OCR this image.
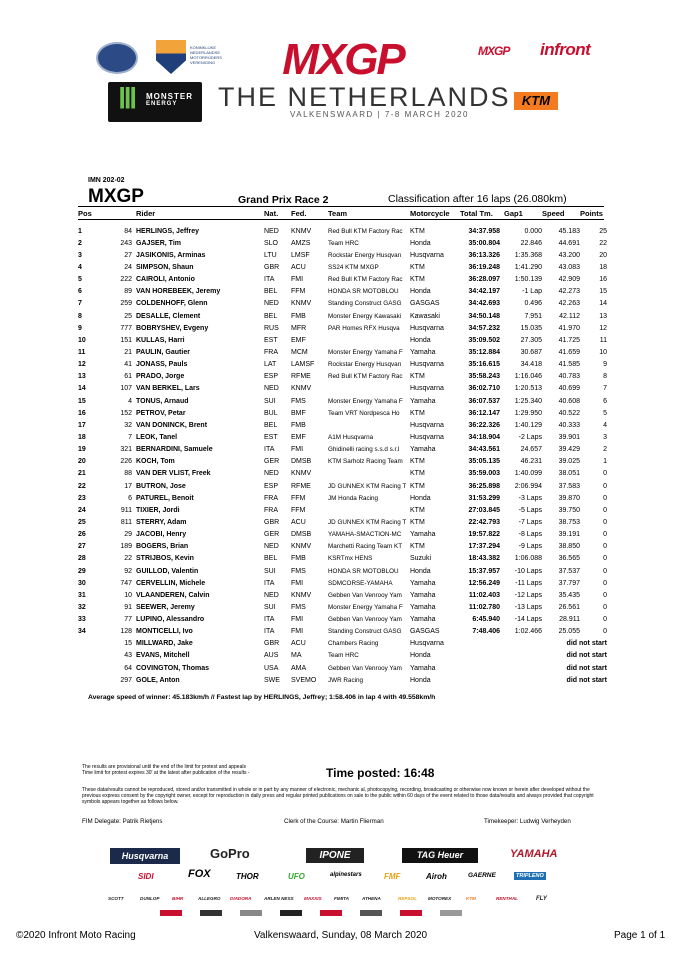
KONINKLIJKE
NEDERLANDSE
MOTORRIJDERS
VERENIGING	MXGP	MXGP infront
Ⅲ MONSTER
ENERGY	THE NETHERLANDS
VALKENSWAARD | 7-8 MARCH 2020
KTM
IMN 202-02
MXGP	Grand Prix Race 2	Classification after 16 laps (26.080km)
Pos		Rider	Nat.	Fed.	Team	Motorcycle	Total Tm.	Gap1	Speed	Points

1	84	HERLINGS, Jeffrey	NED	KNMV	Red Bull KTM Factory Rac	KTM	34:37.958	0.000	45.183	25
2	243	GAJSER, Tim	SLO	AMZS	Team HRC	Honda	35:00.804	22.846	44.691	22
3	27	JASIKONIS, Arminas	LTU	LMSF	Rockstar Energy Husqvarı	Husqvarna	36:13.326	1:35.368	43.200	20
4	24	SIMPSON, Shaun	GBR	ACU	SS24 KTM MXGP	KTM	36:19.248	1:41.290	43.083	18
5	222	CAIROLI, Antonio	ITA	FMI	Red Bull KTM Factory Rac	KTM	36:28.097	1:50.139	42.909	16
6	89	VAN HOREBEEK, Jeremy	BEL	FFM	HONDA SR MOTOBLOU	Honda	34:42.197	-1 Lap	42.273	15
7	259	COLDENHOFF, Glenn	NED	KNMV	Standing Construct GASG	GASGAS	34:42.693	0.496	42.263	14
8	25	DESALLE, Clement	BEL	FMB	Monster Energy Kawasaki	Kawasaki	34:50.148	7.951	42.112	13
9	777	BOBRYSHEV, Evgeny	RUS	MFR	PAR Homes RFX Husqva	Husqvarna	34:57.232	15.035	41.970	12
10	151	KULLAS, Harri	EST	EMF		Honda	35:09.502	27.305	41.725	11
11	21	PAULIN, Gautier	FRA	MCM	Monster Energy Yamaha F	Yamaha	35:12.884	30.687	41.659	10
12	41	JONASS, Pauls	LAT	LAMSF	Rockstar Energy Husqvarı	Husqvarna	35:16.615	34.418	41.585	9
13	61	PRADO, Jorge	ESP	RFME	Red Bull KTM Factory Rac	KTM	35:58.243	1:16.046	40.783	8
14	107	VAN BERKEL, Lars	NED	KNMV		Husqvarna	36:02.710	1:20.513	40.699	7
15	4	TONUS, Arnaud	SUI	FMS	Monster Energy Yamaha F	Yamaha	36:07.537	1:25.340	40.608	6
16	152	PETROV, Petar	BUL	BMF	Team VRT Nordpesca Ho	KTM	36:12.147	1:29.950	40.522	5
17	32	VAN DONINCK, Brent	BEL	FMB		Husqvarna	36:22.326	1:40.129	40.333	4
18	7	LEOK, Tanel	EST	EMF	A1M Husqvarna	Husqvarna	34:18.904	-2 Laps	39.901	3
19	321	BERNARDINI, Samuele	ITA	FMI	Ghidinelli racing s.s.d s.r.l	Yamaha	34:43.561	24.657	39.429	2
20	226	KOCH, Tom	GER	DMSB	KTM Sarholz Racing Team	KTM	35:05.135	46.231	39.025	1
21	88	VAN DER VLIST, Freek	NED	KNMV		KTM	35:59.003	1:40.099	38.051	0
22	17	BUTRON, Jose	ESP	RFME	JD GUNNEX KTM Racing T	KTM	36:25.898	2:06.994	37.583	0
23	6	PATUREL, Benoit	FRA	FFM	JM Honda Racing	Honda	31:53.299	-3 Laps	39.870	0
24	911	TIXIER, Jordi	FRA	FFM		KTM	27:03.845	-5 Laps	39.750	0
25	811	STERRY, Adam	GBR	ACU	JD GUNNEX KTM Racing T	KTM	22:42.793	-7 Laps	38.753	0
26	29	JACOBI, Henry	GER	DMSB	YAMAHA-SMACTION-MC	Yamaha	19:57.822	-8 Laps	39.191	0
27	189	BOGERS, Brian	NED	KNMV	Marchetti Racing Team KT	KTM	17:37.294	-9 Laps	38.850	0
28	22	STRIJBOS, Kevin	BEL	FMB	KSRTmx HENS	Suzuki	18:43.382	1:06.088	36.565	0
29	92	GUILLOD, Valentin	SUI	FMS	HONDA SR MOTOBLOU	Honda	15:37.957	-10 Laps	37.537	0
30	747	CERVELLIN, Michele	ITA	FMI	SDMCORSE-YAMAHA	Yamaha	12:56.249	-11 Laps	37.797	0
31	10	VLAANDEREN, Calvin	NED	KNMV	Gebben Van Venrooy Yam	Yamaha	11:02.403	-12 Laps	35.435	0
32	91	SEEWER, Jeremy	SUI	FMS	Monster Energy Yamaha F	Yamaha	11:02.780	-13 Laps	26.561	0
33	77	LUPINO, Alessandro	ITA	FMI	Gebben Van Venrooy Yam	Yamaha	6:45.940	-14 Laps	28.911	0
34	128	MONTICELLI, Ivo	ITA	FMI	Standing Construct GASG	GASGAS	7:48.406	1:02.466	25.055	0
	15	MILLWARD, Jake	GBR	ACU	Chambers Racing	Husqvarna	did not start			
	43	EVANS, Mitchell	AUS	MA	Team HRC	Honda	did not start			
	64	COVINGTON, Thomas	USA	AMA	Gebben Van Venrooy Yam	Yamaha	did not start			
	297	GOLE, Anton	SWE	SVEMO	JWR Racing	Honda	did not start			
Average speed of winner: 45.183km/h // Fastest lap by HERLINGS, Jeffrey; 1:58.406 in lap 4 with 49.558km/h
The results are provisional until the end of the limit for protest and appeals
Time limit for protest expires 30' at the latest after publication of the results -	Time posted: 16:48
These data/results cannot be reproduced, stored and/or transmitted in whole or in part by any manner of electronic, mechanic al, photocopying, recording, broadcasting or otherwise now known or herein after developed without the previous express consent by the copyright owner, except for reproduction in daily press and regular printed publications on sale to the public within 60 days of the event related to those data/results and always provided that copyright symbols appears together as follows below.
FIM Delegate: Patrik Rietjens	Clerk of the Course: Martin Flierman	Timekeeper: Ludwig Verheyden
Husqvarna	GoPro	IPONE	TAG Heuer	YAMAHA
SIDI	FOX	THOR	UFO	alpinestars	FMF	Airoh	GAERNE	TRIPLENO
SCOTT	DUNLOP	BIHR	ALLEGRO DIADORA	ARLEN NESS MAXXIS	FIMITA	ATHENA	REPSOL MOTOREX	KTM	RENTHAL	FLY
©2020 Infront Moto Racing	Valkenswaard, Sunday, 08 March 2020	Page 1 of 1
